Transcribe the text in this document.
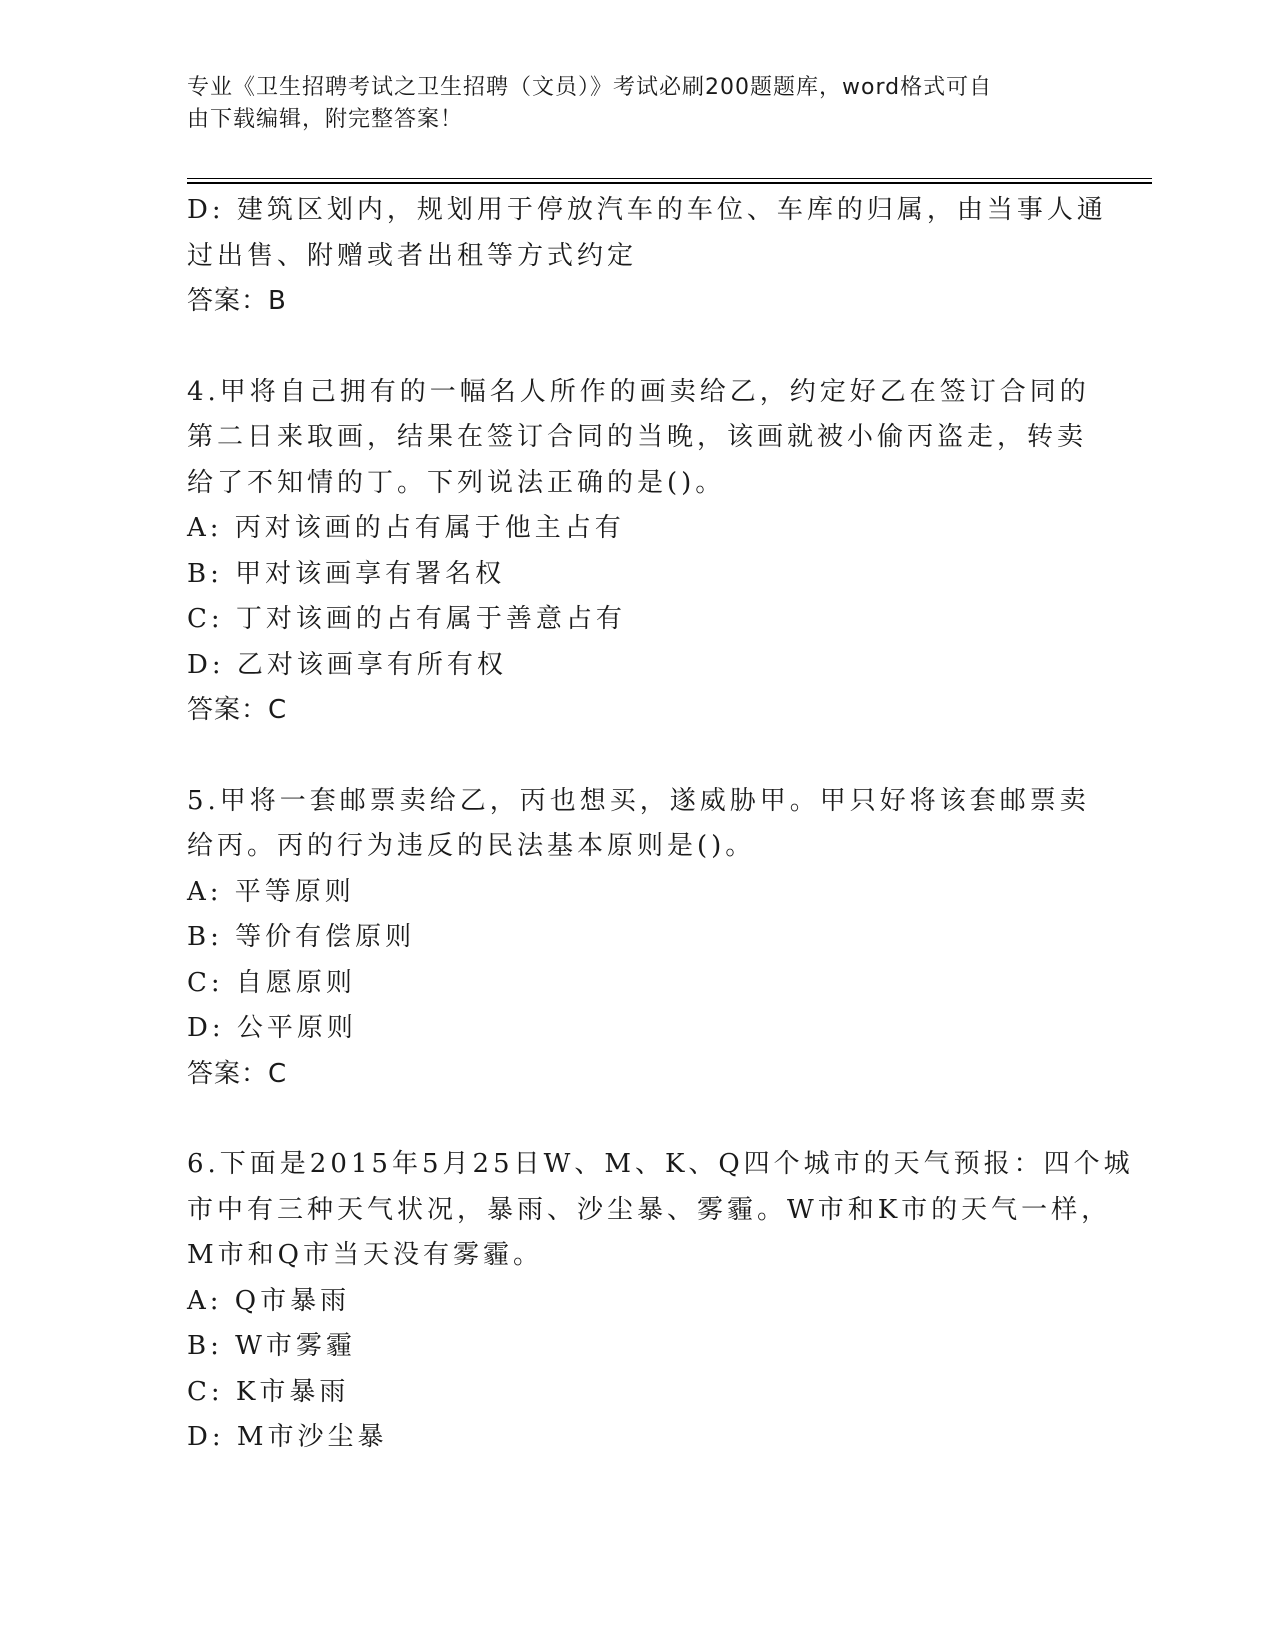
专业《卫生招聘考试之卫生招聘（文员）》考试必刷200题题库，word格式可自
由下载编辑，附完整答案！
D: 建筑区划内，规划用于停放汽车的车位、车库的归属，由当事人通
过出售、附赠或者出租等方式约定
答案：B
4.甲将自己拥有的一幅名人所作的画卖给乙，约定好乙在签订合同的
第二日来取画，结果在签订合同的当晚，该画就被小偷丙盗走，转卖
给了不知情的丁。下列说法正确的是()。
A: 丙对该画的占有属于他主占有
B: 甲对该画享有署名权
C: 丁对该画的占有属于善意占有
D: 乙对该画享有所有权
答案：C
5.甲将一套邮票卖给乙，丙也想买，遂威胁甲。甲只好将该套邮票卖
给丙。丙的行为违反的民法基本原则是()。
A: 平等原则
B: 等价有偿原则
C: 自愿原则
D: 公平原则
答案：C
6.下面是2015年5月25日W、M、K、Q四个城市的天气预报：四个城
市中有三种天气状况，暴雨、沙尘暴、雾霾。W市和K市的天气一样，
M市和Q市当天没有雾霾。
A: Q市暴雨
B: W市雾霾
C: K市暴雨
D: M市沙尘暴
